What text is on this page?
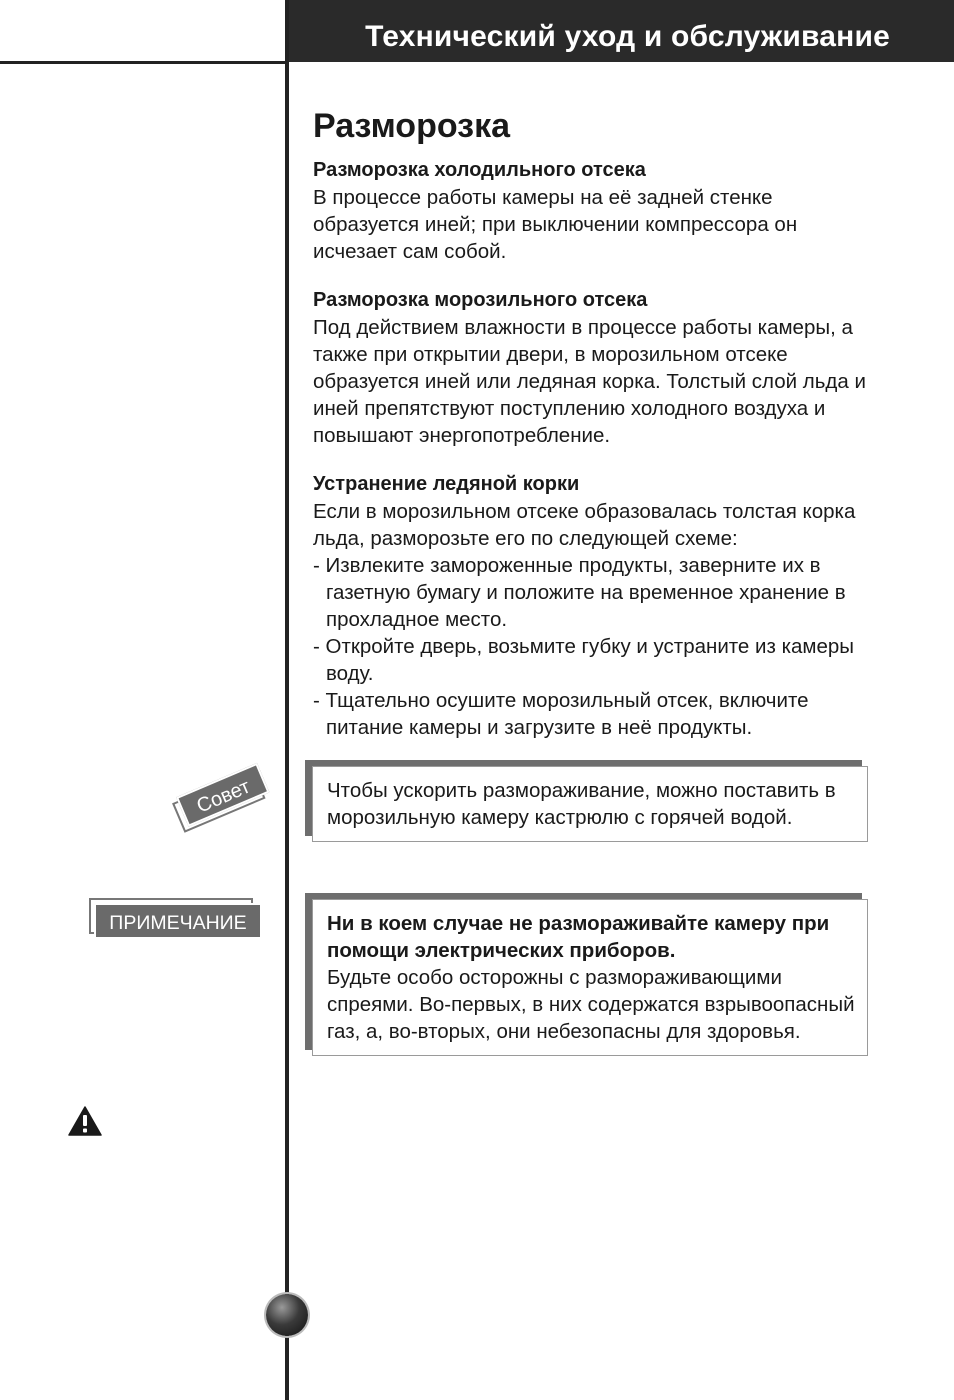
Технический уход и обслуживание
Разморозка

Разморозка холодильного отсека

В процессе работы камеры на её задней стенке образуется иней; при выключении компрессора он исчезает сам собой.

Разморозка морозильного отсека

Под действием влажности в процессе работы камеры, а также при открытии двери, в морозильном отсеке образуется иней или ледяная корка. Толстый слой льда и иней препятствуют поступлению холодного воздуха и повышают энергопотребление.

Устранение ледяной корки

Если в морозильном отсеке образовалась толстая корка льда, разморозьте его по следующей схеме:

- Извлеките замороженные продукты, заверните их в газетную бумагу и положите на временное хранение в прохладное место.
- Откройте дверь, возьмите губку и устраните из камеры воду.
- Тщательно осушите морозильный отсек, включите питание камеры и загрузите в неё продукты.
Совет	Чтобы ускорить размораживание, можно поставить в морозильную камеру кастрюлю с горячей водой.

ПРИМЕЧАНИЕ	Ни в коем случае не размораживайте камеру при помощи электрических приборов.

Будьте особо осторожны с размораживающими спреями. Во-первых, в них содержатся взрывоопасный газ, а, во-вторых, они небезопасны для здоровья.
